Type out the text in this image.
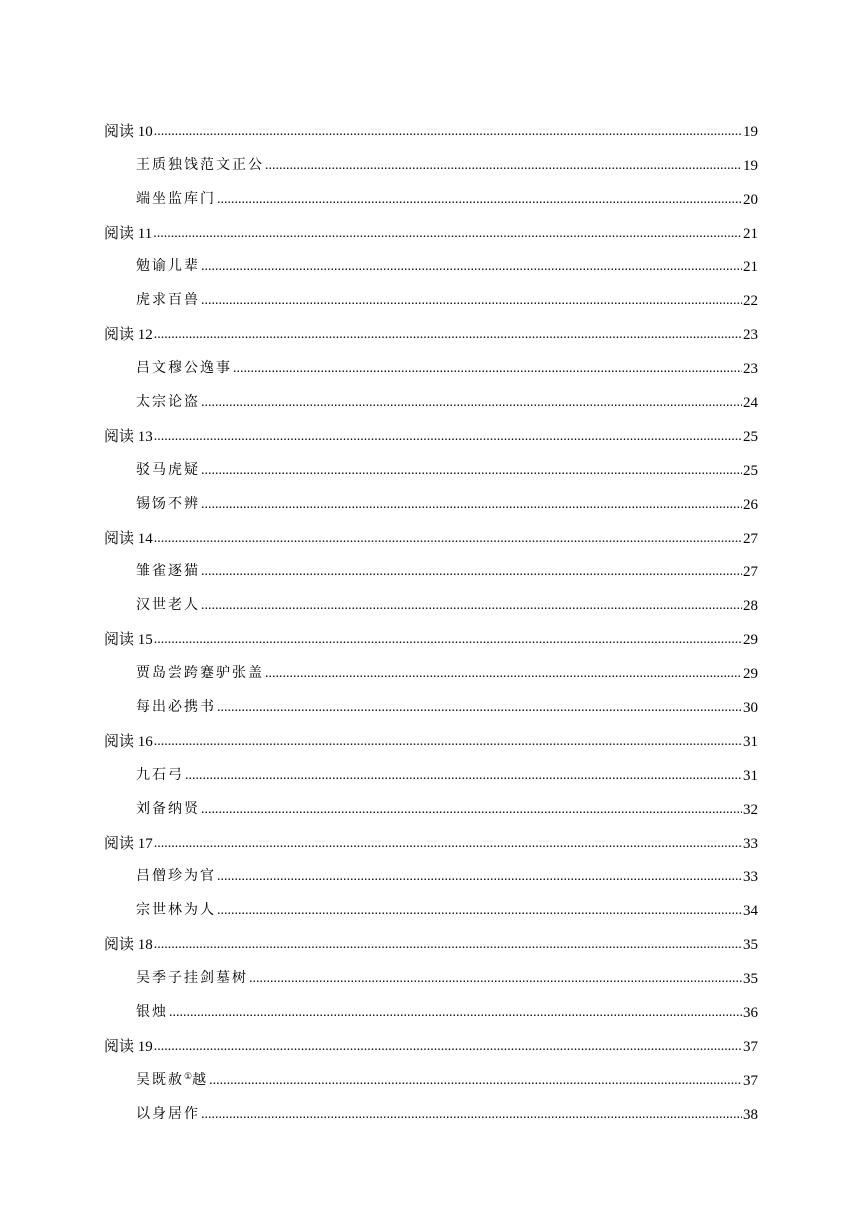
阅读 10 .....	19
王质独饯范文正公 .....	19
端坐监库门 .....	20
阅读 11 .....	21
勉谕儿辈 .....	21
虎求百兽 .....	22
阅读 12 .....	23
吕文穆公逸事 .....	23
太宗论盗 .....	24
阅读 13 .....	25
驳马虎疑 .....	25
锡饧不辨 .....	26
阅读 14 .....	27
雏雀逐猫 .....	27
汉世老人 .....	28
阅读 15 .....	29
贾岛尝跨蹇驴张盖 .....	29
每出必携书 .....	30
阅读 16 .....	31
九石弓 .....	31
刘备纳贤 .....	32
阅读 17 .....	33
吕僧珍为官 .....	33
宗世林为人 .....	34
阅读 18 .....	35
吴季子挂剑墓树 .....	35
银烛 .....	36
阅读 19 .....	37
吴既赦①越 .....	37
以身居作 .....	38
